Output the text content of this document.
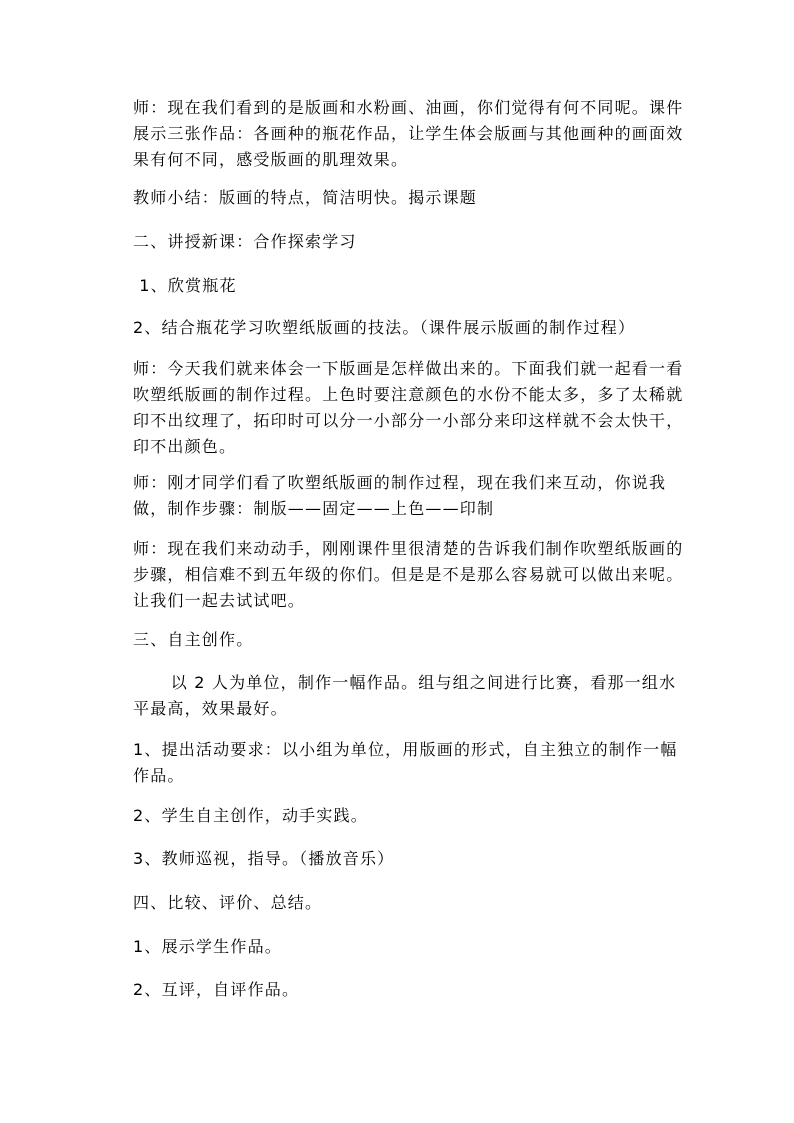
师：现在我们看到的是版画和水粉画、油画，你们觉得有何不同呢。课件展示三张作品：各画种的瓶花作品，让学生体会版画与其他画种的画面效果有何不同，感受版画的肌理效果。

教师小结：版画的特点，简洁明快。揭示课题

二、讲授新课：合作探索学习

1、欣赏瓶花

2、结合瓶花学习吹塑纸版画的技法。（课件展示版画的制作过程）

师：今天我们就来体会一下版画是怎样做出来的。下面我们就一起看一看吹塑纸版画的制作过程。上色时要注意颜色的水份不能太多，多了太稀就印不出纹理了，拓印时可以分一小部分一小部分来印这样就不会太快干，印不出颜色。

师：刚才同学们看了吹塑纸版画的制作过程，现在我们来互动，你说我做，制作步骤：制版——固定——上色——印制

师：现在我们来动动手，刚刚课件里很清楚的告诉我们制作吹塑纸版画的步骤，相信难不到五年级的你们。但是是不是那么容易就可以做出来呢。让我们一起去试试吧。

三、自主创作。

以 2 人为单位，制作一幅作品。组与组之间进行比赛，看那一组水平最高，效果最好。

1、提出活动要求：以小组为单位，用版画的形式，自主独立的制作一幅作品。

2、学生自主创作，动手实践。

3、教师巡视，指导。（播放音乐）

四、比较、评价、总结。

1、展示学生作品。

2、互评，自评作品。
